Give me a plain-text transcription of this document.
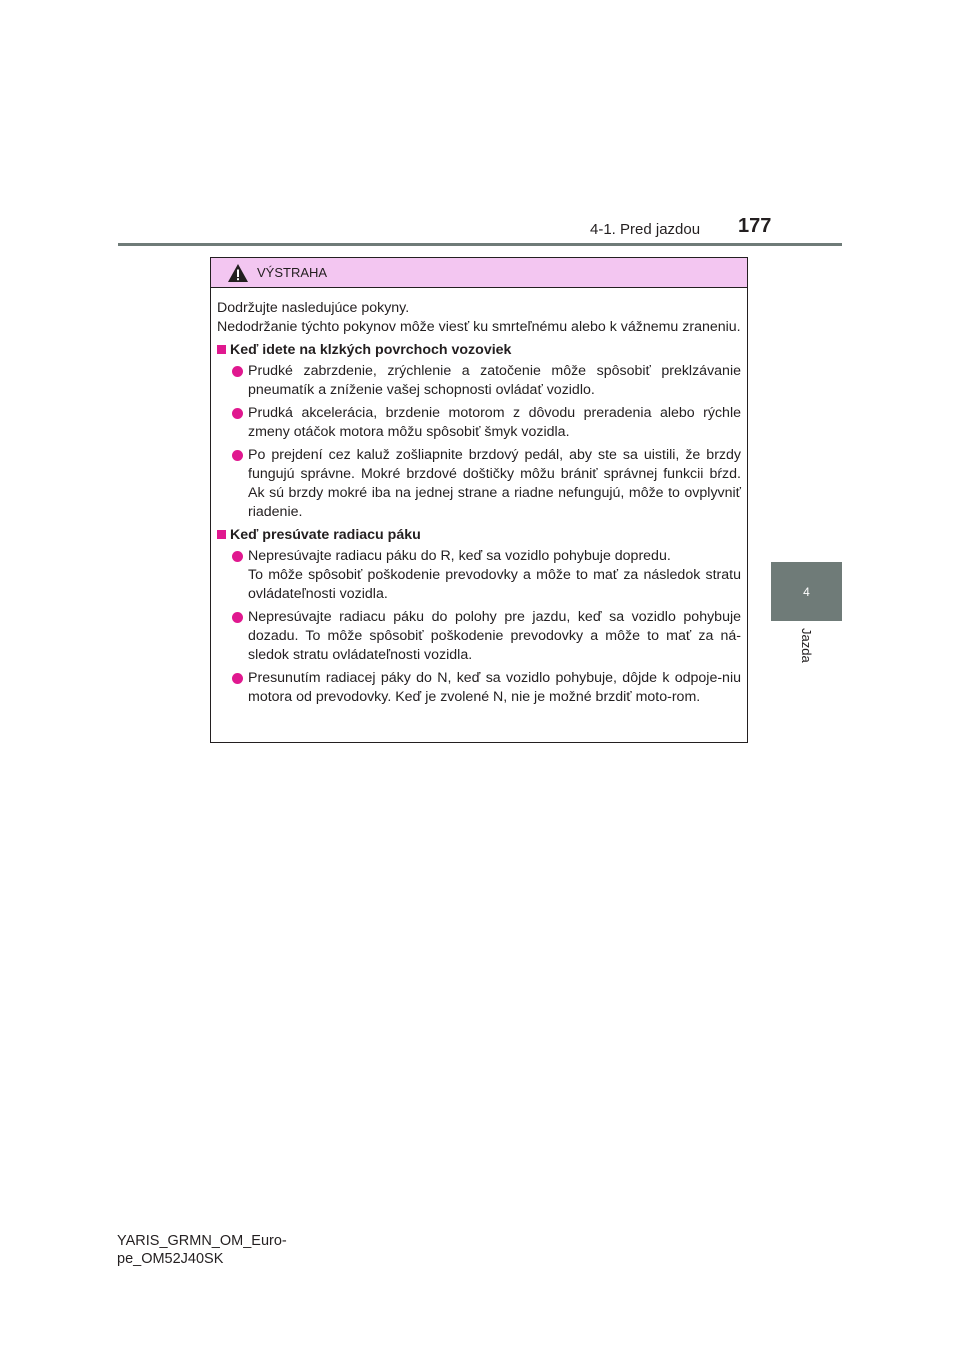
4-1. Pred jazdou 177
4
Jazda
VÝSTRAHA
Dodržujte nasledujúce pokyny.

Nedodržanie týchto pokynov môže viesť ku smrteľnému alebo k vážnemu zraneniu.
Keď idete na klzkých povrchoch vozoviek
Prudké zabrzdenie, zrýchlenie a zatočenie môže spôsobiť preklzávanie pneumatík a zníženie vašej schopnosti ovládať vozidlo.
Prudká akcelerácia, brzdenie motorom z dôvodu preradenia alebo rýchle zmeny otáčok motora môžu spôsobiť šmyk vozidla.
Po prejdení cez kaluž zošliapnite brzdový pedál, aby ste sa uistili, že brzdy fungujú správne. Mokré brzdové doštičky môžu brániť správnej funkcii bŕzd. Ak sú brzdy mokré iba na jednej strane a riadne nefungujú, môže to ovplyvniť riadenie.
Keď presúvate radiacu páku
Nepresúvajte radiacu páku do R, keď sa vozidlo pohybuje dopredu.
To môže spôsobiť poškodenie prevodovky a môže to mať za následok stratu ovládateľnosti vozidla.
Nepresúvajte radiacu páku do polohy pre jazdu, keď sa vozidlo pohybuje dozadu. To môže spôsobiť poškodenie prevodovky a môže to mať za ná-sledok stratu ovládateľnosti vozidla.
Presunutím radiacej páky do N, keď sa vozidlo pohybuje, dôjde k odpoje-niu motora od prevodovky. Keď je zvolené N, nie je možné brzdiť moto-rom.
YARIS_GRMN_OM_Euro-
pe_OM52J40SK
